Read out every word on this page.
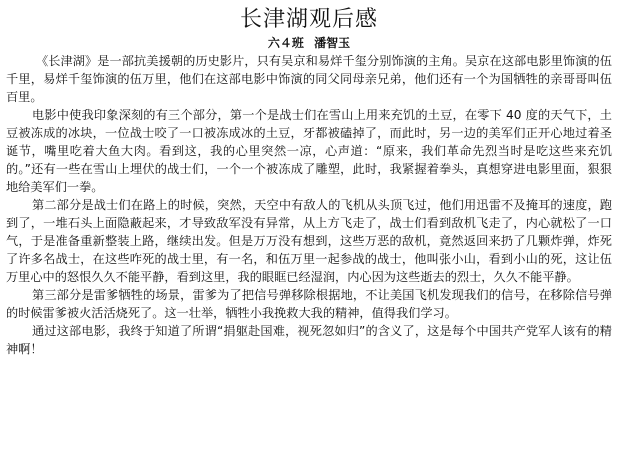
长津湖观后感
六４班 潘智玉

《长津湖》是一部抗美援朝的历史影片，只有吴京和易烊千玺分别饰演的主角。吴京在这部电影里饰演的伍千里，易烊千玺饰演的伍万里，他们在这部电影中饰演的同父同母亲兄弟，他们还有一个为国牺牲的亲哥哥叫伍百里。

电影中使我印象深刻的有三个部分，第一个是战士们在雪山上用来充饥的土豆，在零下 40 度的天气下，土豆被冻成的冰块，一位战士咬了一口被冻成冰的土豆，牙都被磕掉了，而此时，另一边的美军们正开心地过着圣诞节，嘴里吃着大鱼大肉。看到这，我的心里突然一凉，心声道：“原来，我们革命先烈当时是吃这些来充饥的。”还有一些在雪山上埋伏的战士们，一个一个被冻成了雕塑，此时，我紧握着拳头，真想穿进电影里面，狠狠地给美军们一拳。

第二部分是战士们在路上的时候，突然，天空中有敌人的飞机从头顶飞过，他们用迅雷不及掩耳的速度，跑到了，一堆石头上面隐蔽起来，才导致敌军没有异常，从上方飞走了，战士们看到敌机飞走了，内心就松了一口气，于是准备重新整装上路，继续出发。但是万万没有想到，这些万恶的敌机，竟然返回来扔了几颗炸弹，炸死了许多名战士，在这些咋死的战士里，有一名，和伍万里一起参战的战士，他叫张小山，看到小山的死，这让伍万里心中的怒恨久久不能平静，看到这里，我的眼眶已经湿润，内心因为这些逝去的烈士，久久不能平静。

第三部分是雷爹牺牲的场景，雷爹为了把信号弹移除根据地，不让美国飞机发现我们的信号，在移除信号弹的时候雷爹被火活活烧死了。这一壮举，牺牲小我挽救大我的精神，值得我们学习。

通过这部电影，我终于知道了所谓“捐躯赴国难，视死忽如归”的含义了，这是每个中国共产党军人该有的精神啊！
